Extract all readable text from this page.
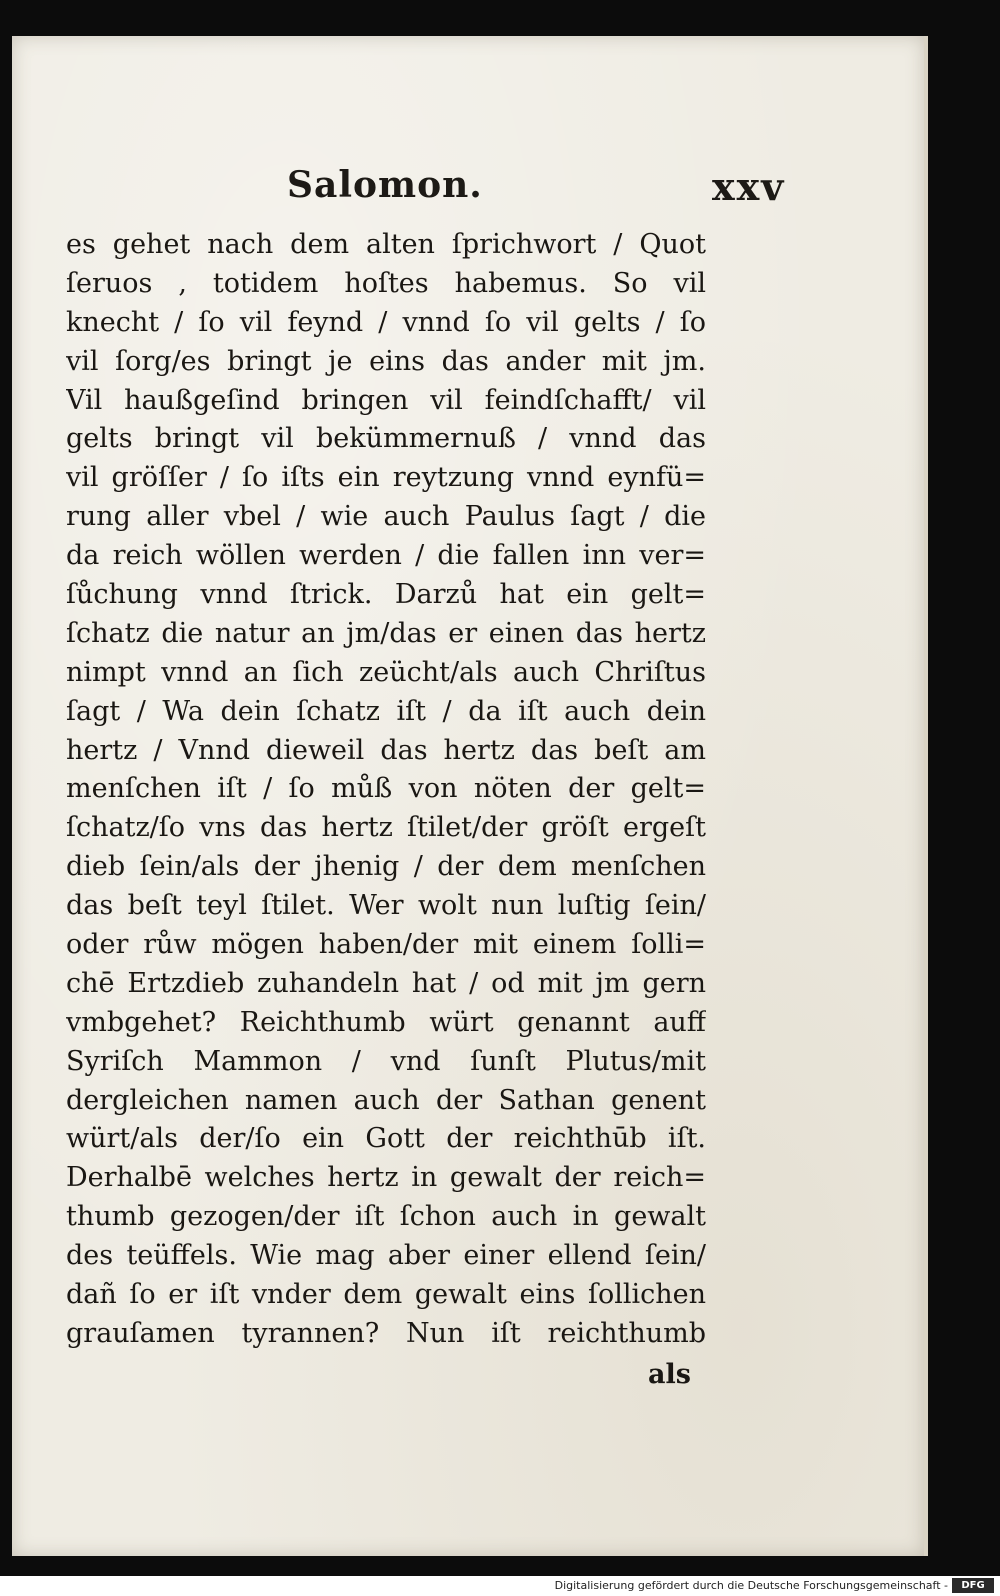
Salomon.	xxv
es gehet nach dem alten ſprichwort / Quot
ſeruos , totidem hoſtes habemus. So vil
knecht / ſo vil feynd / vnnd ſo vil gelts / ſo
vil ſorg/es bringt je eins das ander mit jm.
Vil haußgeſind bringen vil feindſchafft/ vil
gelts bringt vil bekümmernuß / vnnd das
vil gröſſer / ſo iſts ein reytzung vnnd eynfü=
rung aller vbel / wie auch Paulus ſagt / die
da reich wöllen werden / die fallen inn ver=
ſůchung vnnd ſtrick. Darzů hat ein gelt=
ſchatz die natur an jm/das er einen das hertz
nimpt vnnd an ſich zeücht/als auch Chriſtus
ſagt / Wa dein ſchatz iſt / da iſt auch dein
hertz / Vnnd dieweil das hertz das beſt am
menſchen iſt / ſo můß von nöten der gelt=
ſchatz/ſo vns das hertz ſtilet/der gröſt ergeſt
dieb ſein/als der jhenig / der dem menſchen
das beſt teyl ſtilet. Wer wolt nun luſtig ſein/
oder růw mögen haben/der mit einem ſolli=
chē Ertzdieb zuhandeln hat / od mit jm gern
vmbgehet? Reichthumb würt genannt auff
Syriſch Mammon / vnd ſunſt Plutus/mit
dergleichen namen auch der Sathan genent
würt/als der/ſo ein Gott der reichthūb iſt.
Derhalbē welches hertz in gewalt der reich=
thumb gezogen/der iſt ſchon auch in gewalt
des teüffels. Wie mag aber einer ellend ſein/
dañ ſo er iſt vnder dem gewalt eins ſollichen
grauſamen tyrannen? Nun iſt reichthumb
als
Digitalisierung gefördert durch die Deutsche Forschungsgemeinschaft -	DFG
